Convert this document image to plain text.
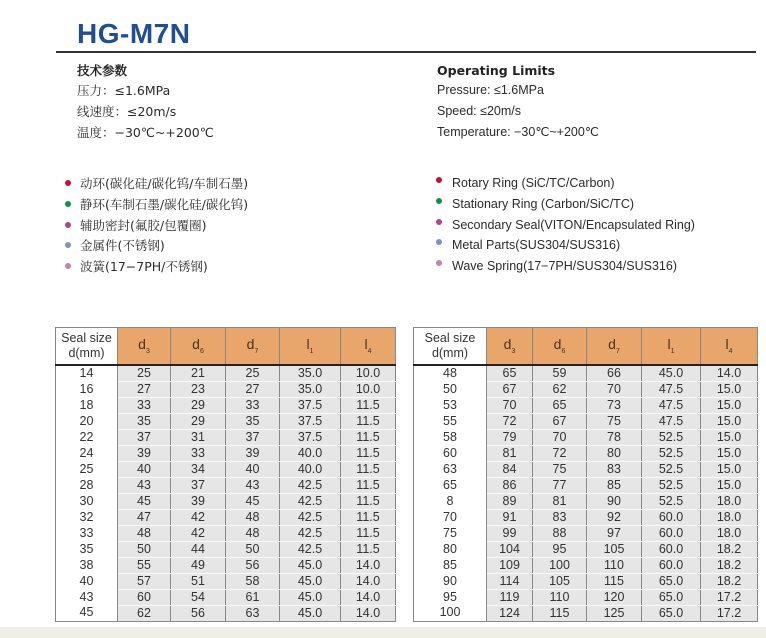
HG-M7N
技术参数
压力：≤1.6MPa
线速度：≤20m/s
温度：−30℃~+200℃
Operating Limits
Pressure: ≤1.6MPa
Speed: ≤20m/s
Temperature: −30℃~+200℃
动环(碳化硅/碳化钨/车制石墨)
静环(车制石墨/碳化硅/碳化钨)
辅助密封(氟胶/包覆圈)
金属件(不锈钢)
波簧(17−7PH/不锈钢)
Rotary Ring (SiC/TC/Carbon)
Stationary Ring (Carbon/SiC/TC)
Secondary Seal(VITON/Encapsulated Ring)
Metal Parts(SUS304/SUS316)
Wave Spring(17−7PH/SUS304/SUS316)
Seal size
d(mm)	$d_3$	$d_6$	$d_7$	$l_1$	$l_4$
14	25	21	25	35.0	10.0
16	27	23	27	35.0	10.0
18	33	29	33	37.5	11.5
20	35	29	35	37.5	11.5
22	37	31	37	37.5	11.5
24	39	33	39	40.0	11.5
25	40	34	40	40.0	11.5
28	43	37	43	42.5	11.5
30	45	39	45	42.5	11.5
32	47	42	48	42.5	11.5
33	48	42	48	42.5	11.5
35	50	44	50	42.5	11.5
38	55	49	56	45.0	14.0
40	57	51	58	45.0	14.0
43	60	54	61	45.0	14.0
45	62	56	63	45.0	14.0
Seal size
d(mm)	$d_3$	$d_6$	$d_7$	$l_1$	$l_4$
48	65	59	66	45.0	14.0
50	67	62	70	47.5	15.0
53	70	65	73	47.5	15.0
55	72	67	75	47.5	15.0
58	79	70	78	52.5	15.0
60	81	72	80	52.5	15.0
63	84	75	83	52.5	15.0
65	86	77	85	52.5	15.0
8	89	81	90	52.5	18.0
70	91	83	92	60.0	18.0
75	99	88	97	60.0	18.0
80	104	95	105	60.0	18.2
85	109	100	110	60.0	18.2
90	114	105	115	65.0	18.2
95	119	110	120	65.0	17.2
100	124	115	125	65.0	17.2
